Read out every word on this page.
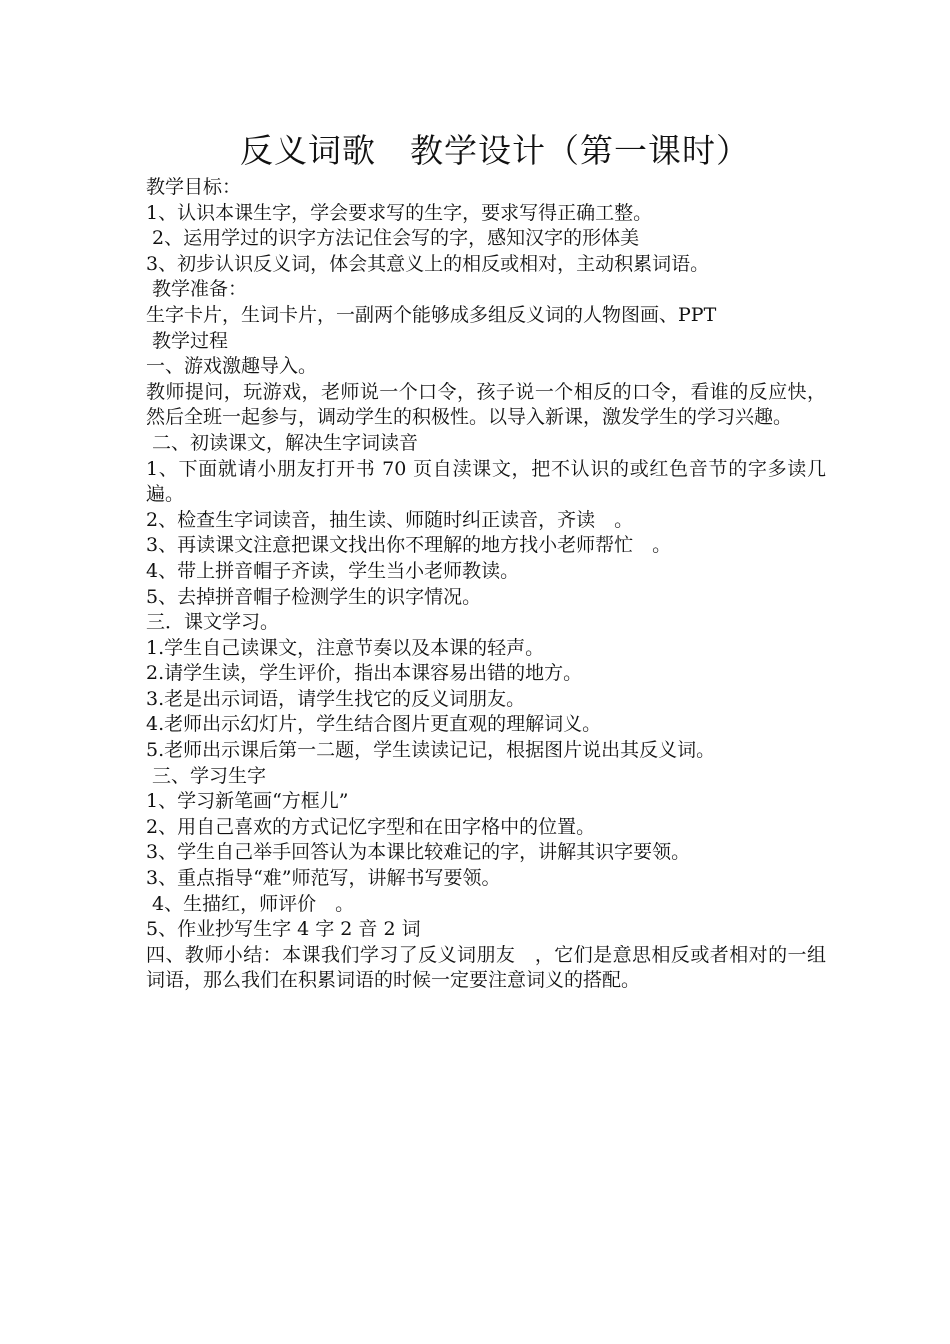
反义词歌　教学设计（第一课时）
教学目标：
1、认识本课生字，学会要求写的生字，要求写得正确工整。
2、运用学过的识字方法记住会写的字，感知汉字的形体美
3、初步认识反义词，体会其意义上的相反或相对，主动积累词语。
教学准备：
生字卡片，生词卡片，一副两个能够成多组反义词的人物图画、PPT
教学过程
一、游戏激趣导入。
教师提问，玩游戏，老师说一个口令，孩子说一个相反的口令，看谁的反应快，然后全班一起参与，调动学生的积极性。以导入新课，激发学生的学习兴趣。
二、初读课文，解决生字词读音
1、下面就请小朋友打开书 70 页自渎课文，把不认识的或红色音节的字多读几遍。
2、检查生字词读音，抽生读、师随时纠正读音，齐读　。
3、再读课文注意把课文找出你不理解的地方找小老师帮忙　。
4、带上拼音帽子齐读，学生当小老师教读。
5、去掉拼音帽子检测学生的识字情况。
三．课文学习。
1.学生自己读课文，注意节奏以及本课的轻声。
2.请学生读，学生评价，指出本课容易出错的地方。
3.老是出示词语，请学生找它的反义词朋友。
4.老师出示幻灯片，学生结合图片更直观的理解词义。
5.老师出示课后第一二题，学生读读记记，根据图片说出其反义词。
三、学习生字
1、学习新笔画“方框儿”
2、用自己喜欢的方式记忆字型和在田字格中的位置。
3、学生自己举手回答认为本课比较难记的字，讲解其识字要领。
3、重点指导“难”师范写，讲解书写要领。
4、生描红，师评价　。
5、作业抄写生字 4 字 2 音 2 词
四、教师小结：本课我们学习了反义词朋友　，它们是意思相反或者相对的一组词语，那么我们在积累词语的时候一定要注意词义的搭配。
